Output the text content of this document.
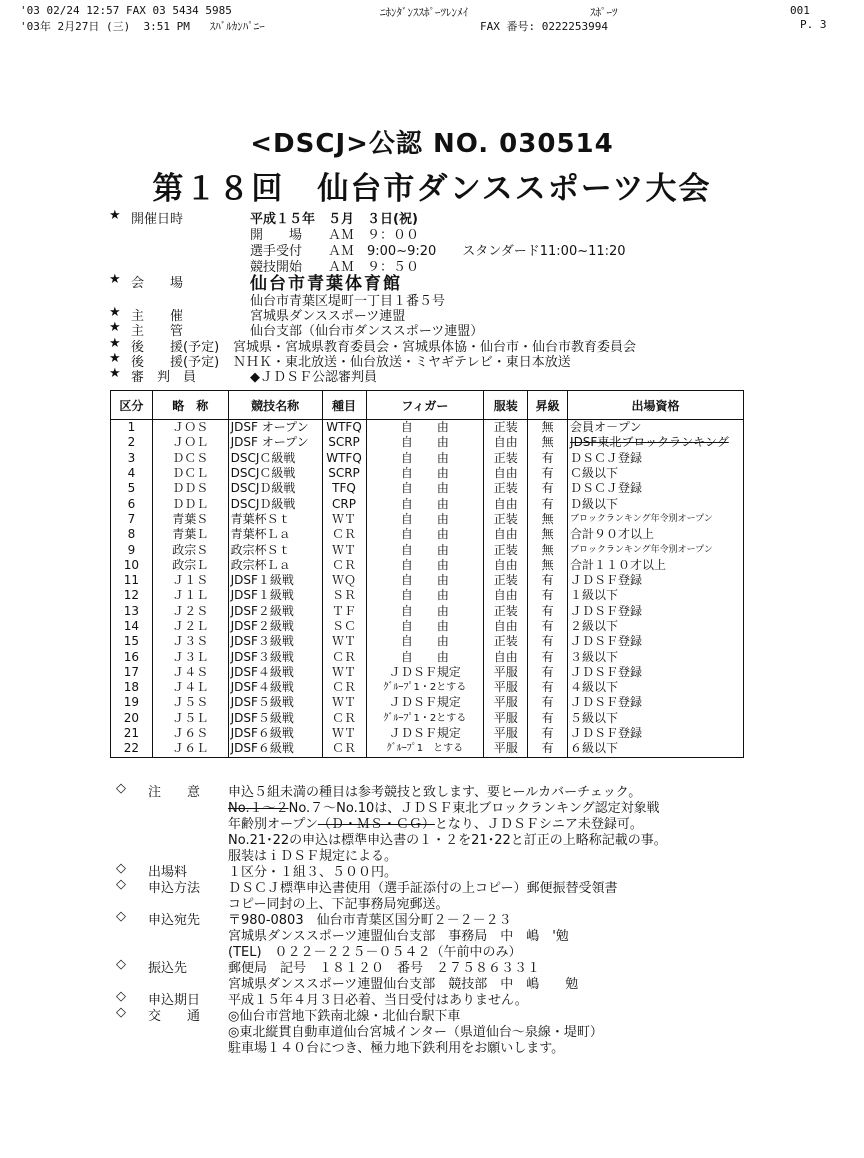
'03 02/24 12:57 FAX 03 5434 5985	ﾆﾎﾝﾀﾞﾝｽｽﾎﾟｰﾂﾚﾝﾒｲ	ｽﾎﾟｰﾂ	001
'03年 2月27日 (三)  3:51 PM   ｽﾊﾞﾙｶﾝﾊﾟﾆｰ	FAX 番号: 0222253994	P. 3
<DSCJ>公認 NO. 030514
第１８回　仙台市ダンススポーツ大会
★ 開催日時	平成１５年　５月　３日(祝)
開　　場　　ＡＭ　９：００
選手受付　　ＡＭ　9:00~9:20　　スタンダード11:00~11:20
競技開始　　ＡＭ　９：５０
★ 会　　場	仙台市青葉体育館
仙台市青葉区堤町一丁目１番５号
★ 主　　催	宮城県ダンススポーツ連盟
★ 主　　管	仙台支部（仙台市ダンススポーツ連盟）
★ 後　　援(予定) 宮城県・宮城県教育委員会・宮城県体協・仙台市・仙台市教育委員会
★ 後　　援(予定) ＮＨＫ・東北放送・仙台放送・ミヤギテレビ・東日本放送
★ 審　判　員	◆ＪＤＳＦ公認審判員
区分	略　称	競技名称	種目	フィガー	服装	昇級	出場資格
1	ＪＯＳ	JDSF オープン	WTFQ	自　　由	正装	無	会員オ－プン
2	ＪＯＬ	JDSF オープン	SCRP	自　　由	自由	無	JDSF東北ブロックランキング
3	ＤＣＳ	DSCJＣ級戦	WTFQ	自　　由	正装	有	ＤＳＣＪ登録
4	ＤＣＬ	DSCJＣ級戦	SCRP	自　　由	自由	有	Ｃ級以下
5	ＤＤＳ	DSCJＤ級戦	TFQ	自　　由	正装	有	ＤＳＣＪ登録
6	ＤＤＬ	DSCJＤ級戦	CRP	自　　由	自由	有	Ｄ級以下
7	青葉Ｓ	青葉杯Ｓｔ	ＷＴ	自　　由	正装	無	ブロックランキング年令別オープン
8	青葉Ｌ	青葉杯Ｌａ	ＣＲ	自　　由	自由	無	合計９０才以上
9	政宗Ｓ	政宗杯Ｓｔ	ＷＴ	自　　由	正装	無	ブロックランキング年令別オープン
10	政宗Ｌ	政宗杯Ｌａ	ＣＲ	自　　由	自由	無	合計１１０才以上
11	Ｊ１Ｓ	JDSF１級戦	ＷＱ	自　　由	正装	有	ＪＤＳＦ登録
12	Ｊ１Ｌ	JDSF１級戦	ＳＲ	自　　由	自由	有	１級以下
13	Ｊ２Ｓ	JDSF２級戦	ＴＦ	自　　由	正装	有	ＪＤＳＦ登録
14	Ｊ２Ｌ	JDSF２級戦	ＳＣ	自　　由	自由	有	２級以下
15	Ｊ３Ｓ	JDSF３級戦	ＷＴ	自　　由	正装	有	ＪＤＳＦ登録
16	Ｊ３Ｌ	JDSF３級戦	ＣＲ	自　　由	自由	有	３級以下
17	Ｊ４Ｓ	JDSF４級戦	ＷＴ	ＪＤＳＦ規定	平服	有	ＪＤＳＦ登録
18	Ｊ４Ｌ	JDSF４級戦	ＣＲ	ｸﾞﾙｰﾌﾟ1・2とする	平服	有	４級以下
19	Ｊ５Ｓ	JDSF５級戦	ＷＴ	ＪＤＳＦ規定	平服	有	ＪＤＳＦ登録
20	Ｊ５Ｌ	JDSF５級戦	ＣＲ	ｸﾞﾙｰﾌﾟ1・2とする	平服	有	５級以下
21	Ｊ６Ｓ	JDSF６級戦	ＷＴ	ＪＤＳＦ規定	平服	有	ＪＤＳＦ登録
22	Ｊ６Ｌ	JDSF６級戦	ＣＲ	ｸﾞﾙｰﾌﾟ1　とする	平服	有	６級以下
◇ 注　　意 申込５組未満の種目は参考競技と致します、要ヒールカバーチェック。
No.１～２No.７～No.10は、ＪＤＳＦ東北ブロックランキング認定対象戦
年齢別オープン（Ｄ・ＭＳ・ＣＧ）となり、ＪＤＳＦシニア未登録可。
No.21･22の申込は標準申込書の１・２を21･22と訂正の上略称記載の事。
服装はｉＤＳＦ規定による。
◇ 出場料	１区分・１組３、５００円。
◇ 申込方法 ＤＳＣＪ標準申込書使用（選手証添付の上コピー）郵便振替受領書
コピー同封の上、下記事務局宛郵送。
◇ 申込宛先 〒980-0803　仙台市青葉区国分町２－２－２３
宮城県ダンススポーツ連盟仙台支部　事務局　中　嶋　'勉
(TEL)　０２２－２２５－０５４２（午前中のみ）
◇ 振込先	郵便局　記号　１８１２０　番号　２７５８６３３１
宮城県ダンススポーツ連盟仙台支部　競技部　中　嶋　　勉
◇ 申込期日 平成１５年４月３日必着、当日受付はありません。
◇ 交　　通 ◎仙台市営地下鉄南北線・北仙台駅下車
◎東北縦貫自動車道仙台宮城インター（県道仙台～泉線・堤町）
駐車場１４０台につき、極力地下鉄利用をお願いします。
